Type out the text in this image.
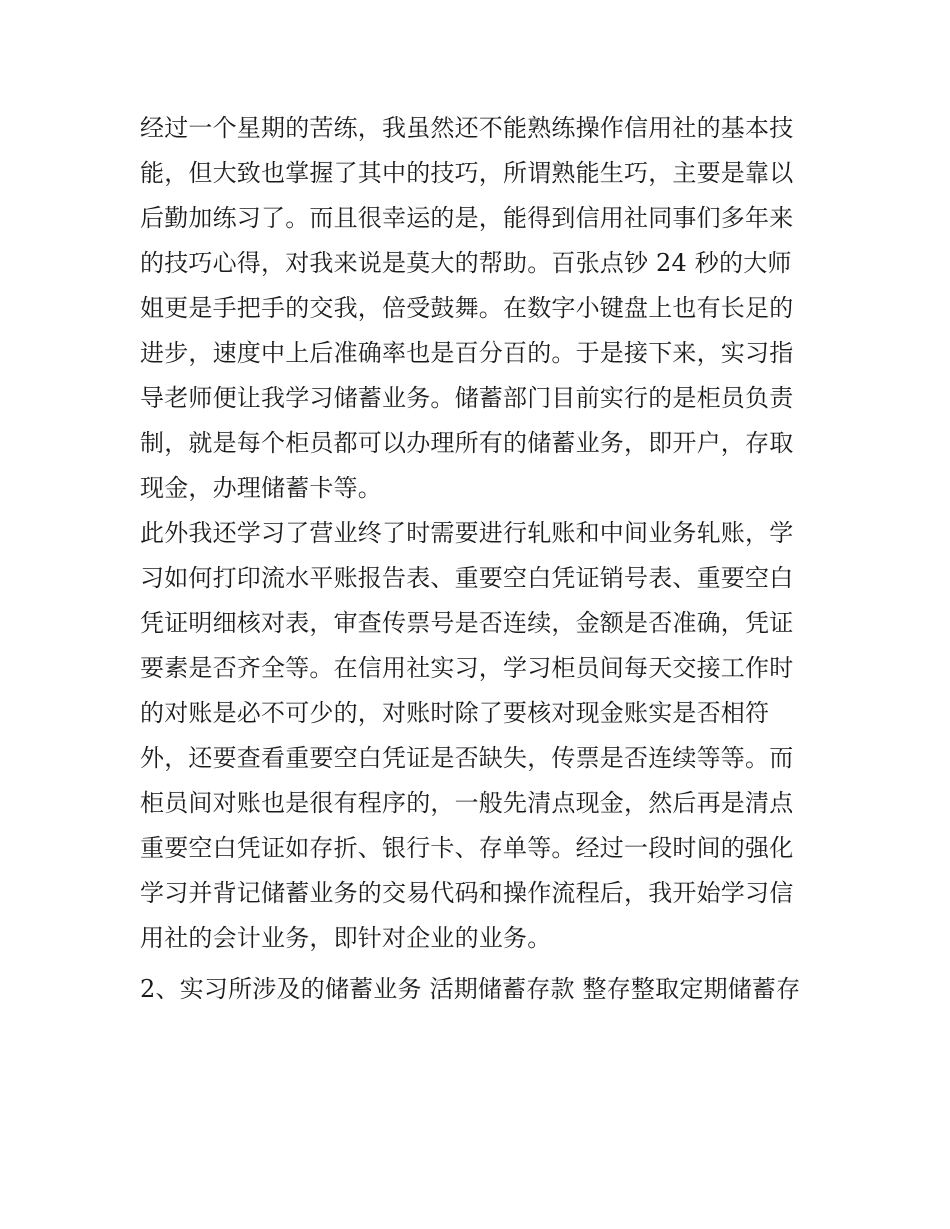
经过一个星期的苦练，我虽然还不能熟练操作信用社的基本技
能，但大致也掌握了其中的技巧，所谓熟能生巧，主要是靠以
后勤加练习了。而且很幸运的是，能得到信用社同事们多年来
的技巧心得，对我来说是莫大的帮助。百张点钞 24 秒的大师
姐更是手把手的交我，倍受鼓舞。在数字小键盘上也有长足的
进步，速度中上后准确率也是百分百的。于是接下来，实习指
导老师便让我学习储蓄业务。储蓄部门目前实行的是柜员负责
制，就是每个柜员都可以办理所有的储蓄业务，即开户，存取
现金，办理储蓄卡等。
此外我还学习了营业终了时需要进行轧账和中间业务轧账，学
习如何打印流水平账报告表、重要空白凭证销号表、重要空白
凭证明细核对表，审查传票号是否连续，金额是否准确，凭证
要素是否齐全等。在信用社实习，学习柜员间每天交接工作时
的对账是必不可少的，对账时除了要核对现金账实是否相符
外，还要查看重要空白凭证是否缺失，传票是否连续等等。而
柜员间对账也是很有程序的，一般先清点现金，然后再是清点
重要空白凭证如存折、银行卡、存单等。经过一段时间的强化
学习并背记储蓄业务的交易代码和操作流程后，我开始学习信
用社的会计业务，即针对企业的业务。
2、实习所涉及的储蓄业务 活期储蓄存款 整存整取定期储蓄存
